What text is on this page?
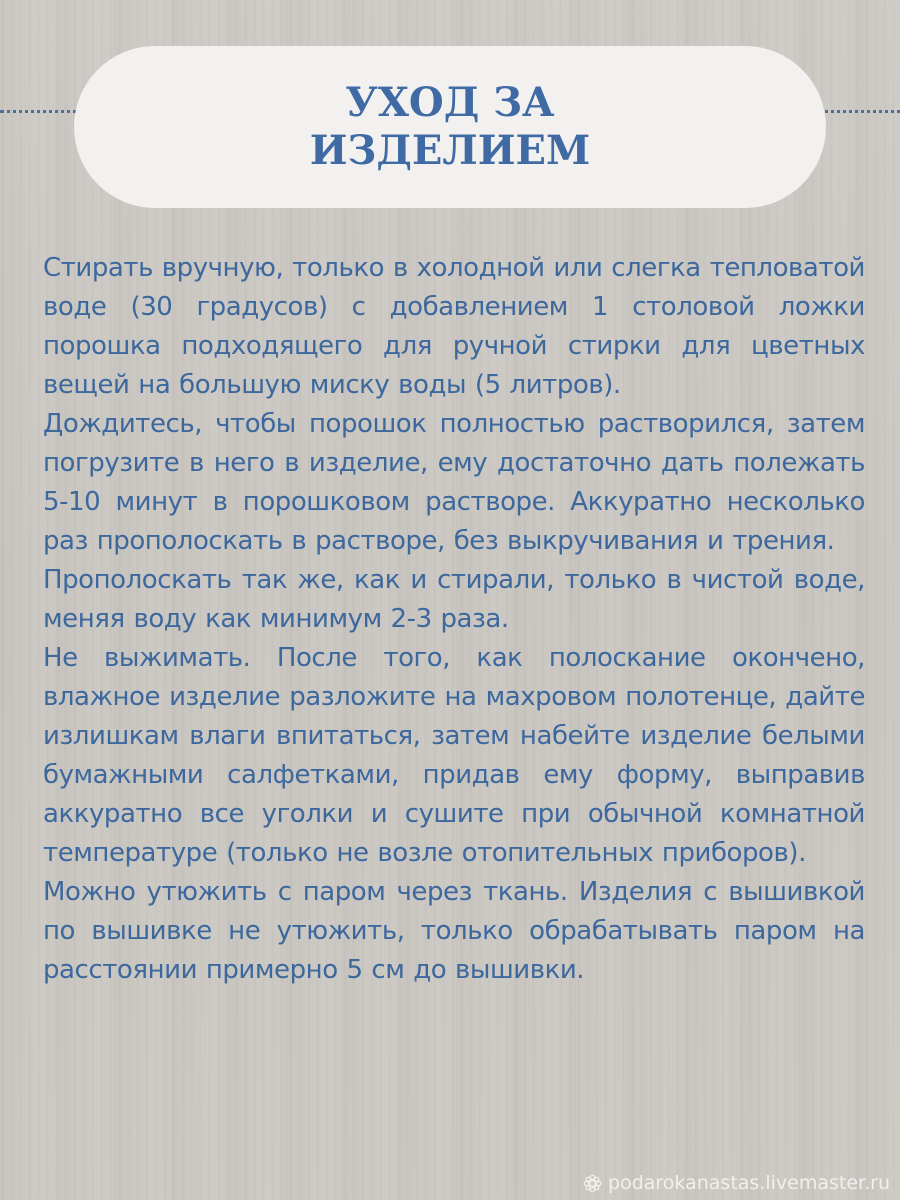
УХОД ЗА
ИЗДЕЛИЕМ

Стирать вручную, только в холодной или слегка тепловатой воде (30 градусов) с добавлением 1 столовой ложки порошка подходящего для ручной стирки для цветных вещей на большую миску воды (5 литров).

Дождитесь, чтобы порошок полностью растворился, затем погрузите в него в изделие, ему достаточно дать полежать 5-10 минут в порошковом растворе. Аккуратно несколько раз прополоскать в растворе, без выкручивания и трения.

Прополоскать так же, как и стирали, только в чистой воде, меняя воду как минимум 2-3 раза.

Не выжимать. После того, как полоскание окончено, влажное изделие разложите на махровом полотенце, дайте излишкам влаги впитаться, затем набейте изделие белыми бумажными салфетками, придав ему форму, выправив аккуратно все уголки и сушите при обычной комнатной температуре (только не возле отопительных приборов).

Можно утюжить с паром через ткань. Изделия с вышивкой по вышивке не утюжить, только обрабатывать паром на расстоянии примерно 5 см до вышивки.

podarokanastas.livemaster.ru
